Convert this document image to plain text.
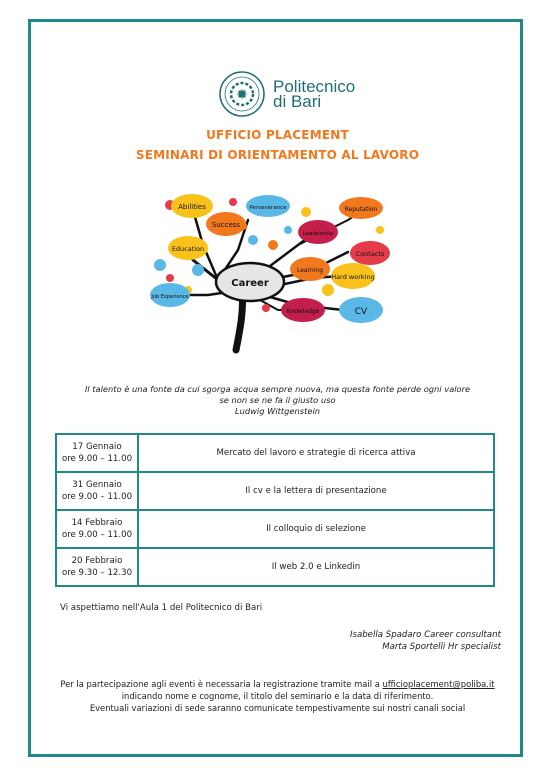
Politecnico
di Bari
UFFICIO PLACEMENT
SEMINARI DI ORIENTAMENTO AL LAVORO
Abilities
Success
Education
Job Experience
Perseverance
Leadership
Reputation
Contacts
Learning
Hard working
Knowledge	CV
Career
Il talento è una fonte da cui sgorga acqua sempre nuova, ma questa fonte perde ogni valore
se non se ne fa il giusto uso
Ludwig Wittgenstein
17 Gennaio
ore 9.00 – 11.00	Mercato del lavoro e strategie di ricerca attiva

31 Gennaio
ore 9.00 – 11.00	Il cv e la lettera di presentazione

14 Febbraio
ore 9.00 – 11.00	Il colloquio di selezione

20 Febbraio
ore 9.30 – 12.30	Il web 2.0 e Linkedin
Vi aspettiamo nell'Aula 1 del Politecnico di Bari
Isabella Spadaro Career consultant
Marta Sportelli Hr specialist
Per la partecipazione agli eventi è necessaria la registrazione tramite mail a ufficioplacement@poliba.it
indicando nome e cognome, il titolo del seminario e la data di riferimento.
Eventuali variazioni di sede saranno comunicate tempestivamente sui nostri canali social
